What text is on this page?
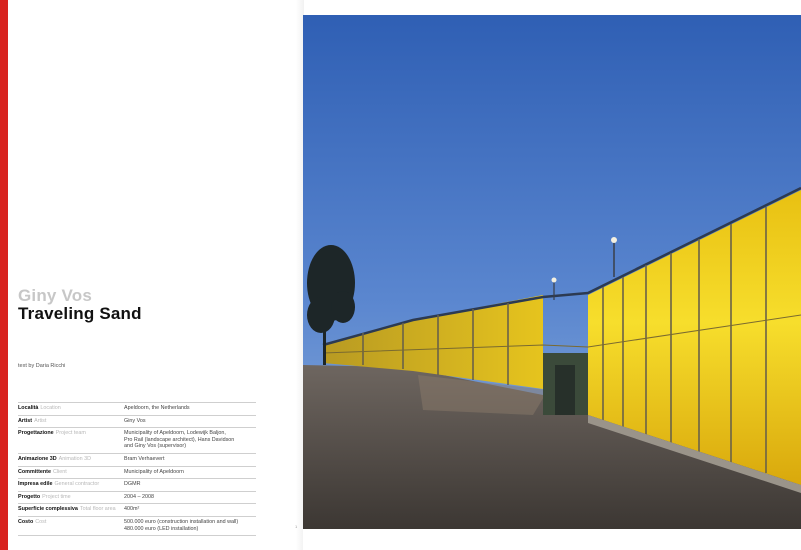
Giny Vos
Traveling Sand
text by Daria Ricchi
Località Location	Apeldoorn, the Netherlands
Artist Artist	Giny Vos
Progettazione Project team	Municipality of Apeldoorn, Lodewijk Baljon,
Pro Rail (landscape architect), Hans Davidson
and Giny Vos (supervisor)
Animazione 3D Animation 3D	Bram Verhaevert
Committente Client	Municipality of Apeldoorn
Impresa edile General contractor	DGMR
Progetto Project time	2004 – 2008
Superficie complessiva Total floor area	400m²
Costo Cost	500.000 euro (construction installation and wall)
480.000 euro (LED installation)	1
